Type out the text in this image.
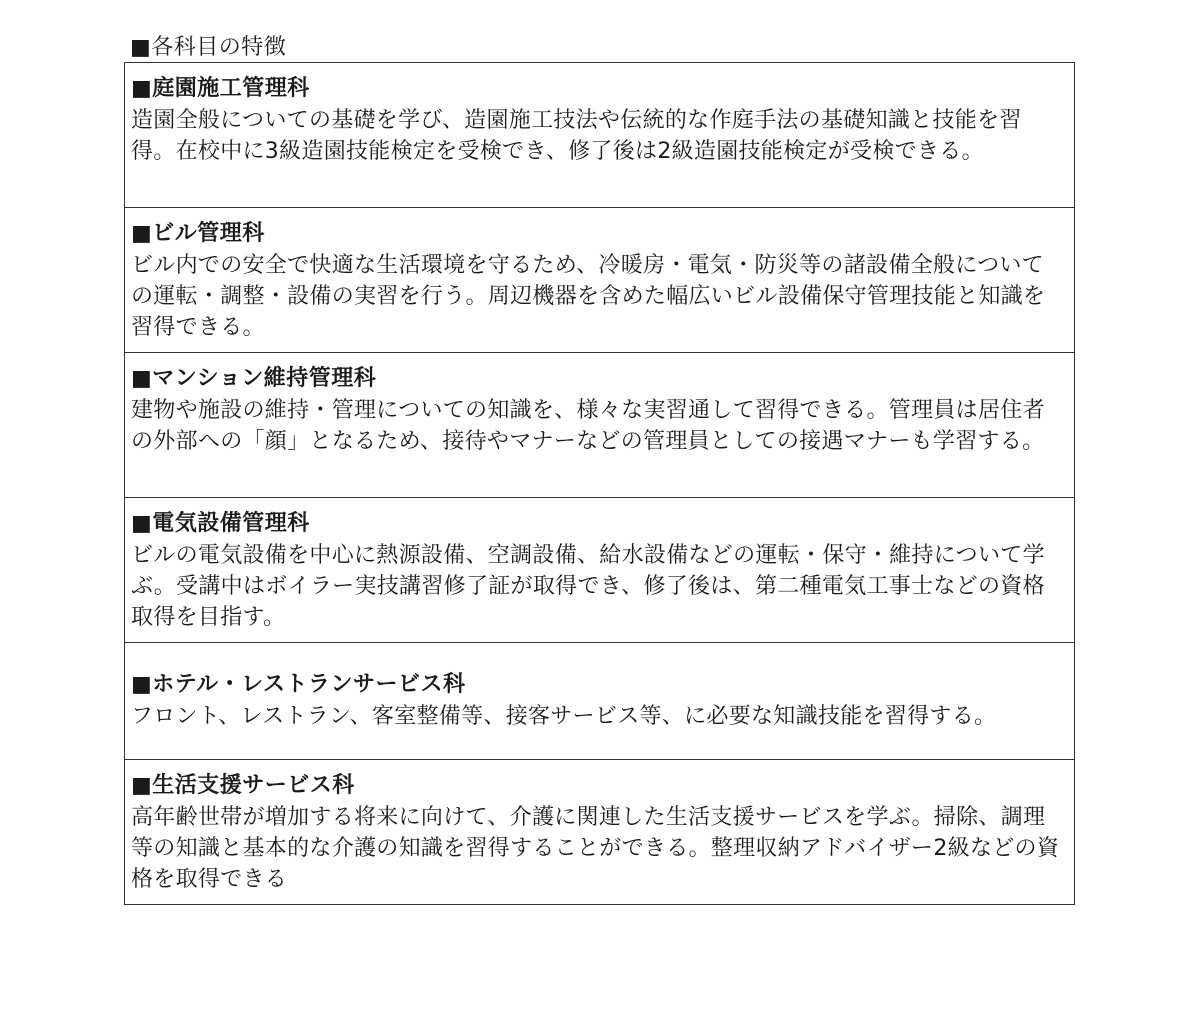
■各科目の特徴
■庭園施工管理科
造園全般についての基礎を学び、造園施工技法や伝統的な作庭手法の基礎知識と技能を習得。在校中に3級造園技能検定を受検でき、修了後は2級造園技能検定が受検できる。

■ビル管理科
ビル内での安全で快適な生活環境を守るため、冷暖房・電気・防災等の諸設備全般についての運転・調整・設備の実習を行う。周辺機器を含めた幅広いビル設備保守管理技能と知識を習得できる。

■マンション維持管理科
建物や施設の維持・管理についての知識を、様々な実習通して習得できる。管理員は居住者の外部への「顔」となるため、接待やマナーなどの管理員としての接遇マナーも学習する。

■電気設備管理科
ビルの電気設備を中心に熱源設備、空調設備、給水設備などの運転・保守・維持について学ぶ。受講中はボイラー実技講習修了証が取得でき、修了後は、第二種電気工事士などの資格取得を目指す。

■ホテル・レストランサービス科
フロント、レストラン、客室整備等、接客サービス等、に必要な知識技能を習得する。

■生活支援サービス科
高年齢世帯が増加する将来に向けて、介護に関連した生活支援サービスを学ぶ。掃除、調理等の知識と基本的な介護の知識を習得することができる。整理収納アドバイザー2級などの資格を取得できる
